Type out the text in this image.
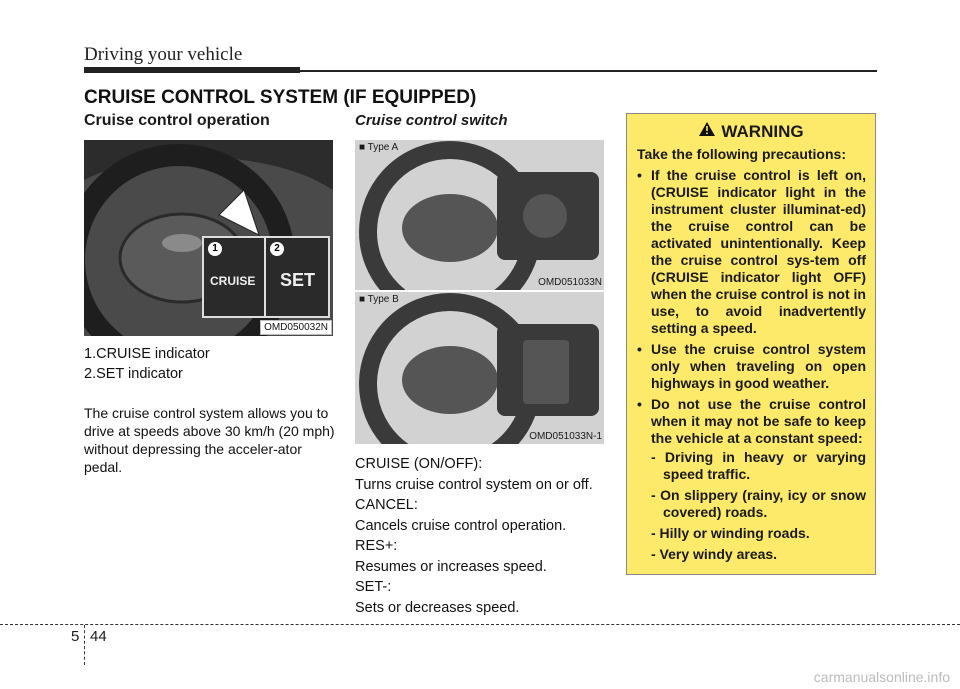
Driving your vehicle
CRUISE CONTROL SYSTEM (IF EQUIPPED)
Cruise control operation
1	2
CRUISE SET
OMD050032N

1.CRUISE indicator

2.SET indicator

The cruise control system allows you to drive at speeds above 30 km/h (20 mph) without depressing the acceler-ator pedal.
Cruise control switch
■ Type A
OMD051033N
■ Type B
OMD051033N-1

CRUISE (ON/OFF):

Turns cruise control system on or off.

CANCEL:

Cancels cruise control operation.

RES+:

Resumes or increases speed.

SET-:

Sets or decreases speed.

WARNING
Take the following precautions:
• If the cruise control is left on, (CRUISE indicator light in the instrument cluster illuminat-ed) the cruise control can be activated unintentionally. Keep the cruise control sys-tem off (CRUISE indicator light OFF) when the cruise control is not in use, to avoid inadvertently setting a speed.
• Use the cruise control system only when traveling on open highways in good weather.
• Do not use the cruise control when it may not be safe to keep the vehicle at a constant speed:
- Driving in heavy or varying speed traffic.
- On slippery (rainy, icy or snow covered) roads.
- Hilly or winding roads.
- Very windy areas.
5 44
carmanualsonline.info
